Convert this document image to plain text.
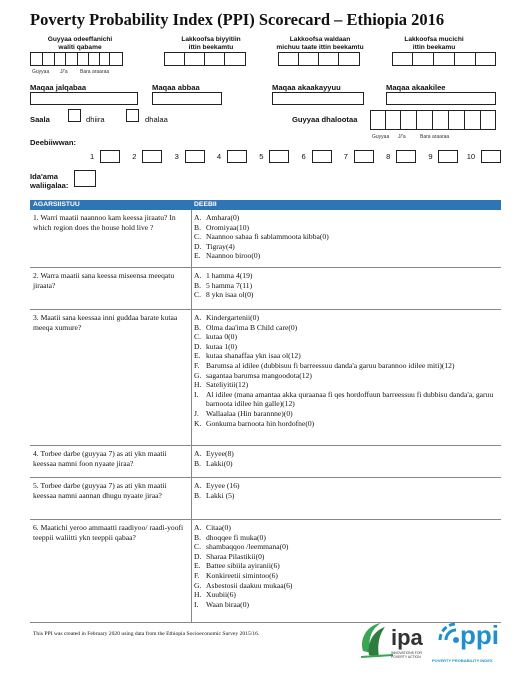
Poverty Probability Index (PPI) Scorecard – Ethiopia 2016
Guyyaa odeeffanichi
waliti qabame
Lakkoofsa biyyitiin
ittin beekamtu
Lakkoofsa waldaan
michuu taate ittin beekamtu
Lakkoofsa mucichi
ittin beekamu
Guyyaa J/'a Bara araaraa
Maqaa jalqabaa	Maqaa abbaa	Maqaa akaakayyuu	Maqaa akaakilee
Saala	dhiira	dhalaa	Guyyaa dhalootaa
Guyyaa J/'a	Bara araaraa
Deebiiwwan:
1	2	3	4	5	6	7	8	9	10
Ida'ama
waliigalaa:
AGARSIISTUU	DEEBII
1. Warri maatii naannoo kam keessa jiraatu? In which region does the house hold live ?
A. Amhara(0)
B. Oromiyaa(10)
C. Naannoo sabaa fi sablammoota kibba(0)
D. Tigray(4)
E. Naannoo biroo(0)
2. Warra maatii sana keessa miseensa meeqatu jiraata?
A. 1 hamma 4(19)
B. 5 hamma 7(11)
C. 8 ykn isaa ol(0)
3. Maatii sana keessaa inni guddaa barate kutaa meeqa xumure?
A. Kindergartenii(0)
B. Olma daa'ima B Child care(0)
C. kutaa 0(0)
D. kutaa 1(0)
E. kutaa shanaffaa ykn isaa ol(12)
F. Barumsa al idilee (dubbisuu fi barreessuu danda'a garuu barannoo idilee miti)(12)
G. sagantaa barumsa mangoodota(12)
H. Sateliyitii(12)
I. Al idilee (mana amantaa akka quraanaa fi qes hordoffuun barreessuu fi dubbisu danda'a, garuu barnoota idilee hin galle)(12)
J. Wallaalaa (Hin barannne)(0)
K. Gonkuma barnoota hin hordofne(0)
4. Torbee darbe (guyyaa 7) as ati ykn maatii keessaa namni foon nyaate jiraa?
A. Eyyee(8)
B. Lakki(0)
5. Torbee darbe (guyyaa 7) as ati ykn maatii keessaa namni aannan dhugu nyaate jiraa?
A. Eyyee (16)
B. Lakki (5)
6. Maatichi yeroo ammaatti raadiyoo/ raadi-yoofi teeppii waliitti ykn teeppii qabaa?
A. Citaa(0)
B. dhoqqee fi muka(0)
C. shambaqqoo /leemmana(0)
D. Sharaa Pilastikii(0)
E. Battee sibiila ayiranii(6)
F. Konkireetii simintoo(6)
G. Asbestosii daakuu mukaa(6)
H. Xuubii(6)
I. Waan biraa(0)
This PPI was created in February 2020 using data from the Ethiopia Socioeconomic Survey 2015/16.	ipa
INNOVATIONS FOR
POVERTY ACTION
ppi
POVERTY PROBABILITY INDEX
